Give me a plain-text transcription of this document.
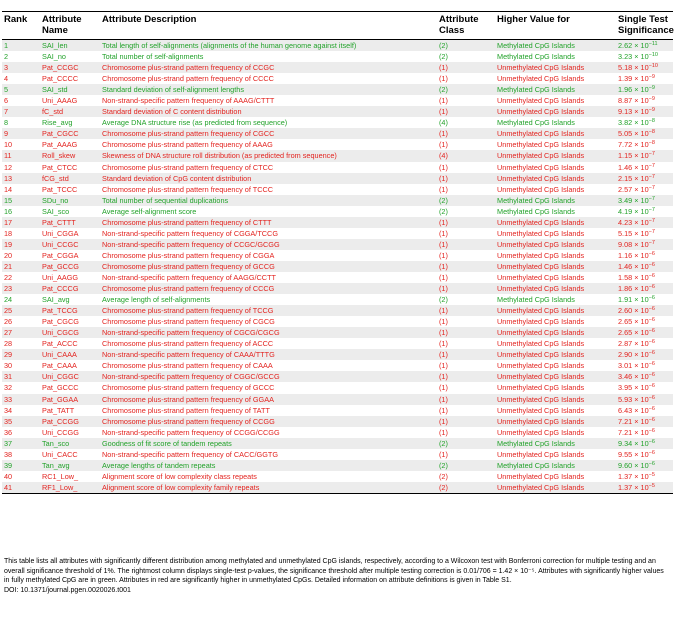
Rank	Attribute Name	Attribute Description	Attribute Class	Higher Value for	Single Test Significance
1	SAI_len	Total length of self-alignments (alignments of the human genome against itself)	(2)	Methylated CpG Islands	$2.62 \times 10^{-11}$
2	SAI_no	Total number of self-alignments	(2)	Methylated CpG Islands	$3.23 \times 10^{-10}$
3	Pat_CCGC	Chromosome plus-strand pattern frequency of CCGC	(1)	Unmethylated CpG Islands	$5.18 \times 10^{-10}$
4	Pat_CCCC	Chromosome plus-strand pattern frequency of CCCC	(1)	Unmethylated CpG Islands	$1.39 \times 10^{-9}$
5	SAI_std	Standard deviation of self-alignment lengths	(2)	Methylated CpG Islands	$1.96 \times 10^{-9}$
6	Uni_AAAG	Non-strand-specific pattern frequency of AAAG/CTTT	(1)	Unmethylated CpG Islands	$8.87 \times 10^{-9}$
7	fC_std	Standard deviation of C content distribution	(1)	Unmethylated CpG Islands	$9.13 \times 10^{-9}$
8	Rise_avg	Average DNA structure rise (as predicted from sequence)	(4)	Methylated CpG Islands	$3.82 \times 10^{-8}$
9	Pat_CGCC	Chromosome plus-strand pattern frequency of CGCC	(1)	Unmethylated CpG Islands	$5.05 \times 10^{-8}$
10	Pat_AAAG	Chromosome plus-strand pattern frequency of AAAG	(1)	Unmethylated CpG Islands	$7.72 \times 10^{-8}$
11	Roll_skew	Skewness of DNA structure roll distribution (as predicted from sequence)	(4)	Unmethylated CpG Islands	$1.15 \times 10^{-7}$
12	Pat_CTCC	Chromosome plus-strand pattern frequency of CTCC	(1)	Unmethylated CpG Islands	$1.46 \times 10^{-7}$
13	fCG_std	Standard deviation of CpG content distribution	(1)	Unmethylated CpG Islands	$2.15 \times 10^{-7}$
14	Pat_TCCC	Chromosome plus-strand pattern frequency of TCCC	(1)	Unmethylated CpG Islands	$2.57 \times 10^{-7}$
15	SDu_no	Total number of sequential duplications	(2)	Methylated CpG Islands	$3.49 \times 10^{-7}$
16	SAI_sco	Average self-alignment score	(2)	Methylated CpG Islands	$4.19 \times 10^{-7}$
17	Pat_CTTT	Chromosome plus-strand pattern frequency of CTTT	(1)	Unmethylated CpG Islands	$4.23 \times 10^{-7}$
18	Uni_CGGA	Non-strand-specific pattern frequency of CGGA/TCCG	(1)	Unmethylated CpG Islands	$5.15 \times 10^{-7}$
19	Uni_CCGC	Non-strand-specific pattern frequency of CCGC/GCGG	(1)	Unmethylated CpG Islands	$9.08 \times 10^{-7}$
20	Pat_CGGA	Chromosome plus-strand pattern frequency of CGGA	(1)	Unmethylated CpG Islands	$1.16 \times 10^{-6}$
21	Pat_GCCG	Chromosome plus-strand pattern frequency of GCCG	(1)	Unmethylated CpG Islands	$1.46 \times 10^{-6}$
22	Uni_AAGG	Non-strand-specific pattern frequency of AAGG/CCTT	(1)	Unmethylated CpG Islands	$1.58 \times 10^{-6}$
23	Pat_CCCG	Chromosome plus-strand pattern frequency of CCCG	(1)	Unmethylated CpG Islands	$1.86 \times 10^{-6}$
24	SAI_avg	Average length of self-alignments	(2)	Methylated CpG Islands	$1.91 \times 10^{-6}$
25	Pat_TCCG	Chromosome plus-strand pattern frequency of TCCG	(1)	Unmethylated CpG Islands	$2.60 \times 10^{-6}$
26	Pat_CGCG	Chromosome plus-strand pattern frequency of CGCG	(1)	Unmethylated CpG Islands	$2.65 \times 10^{-6}$
27	Uni_CGCG	Non-strand-specific pattern frequency of CGCG/CGCG	(1)	Unmethylated CpG Islands	$2.65 \times 10^{-6}$
28	Pat_ACCC	Chromosome plus-strand pattern frequency of ACCC	(1)	Unmethylated CpG Islands	$2.87 \times 10^{-6}$
29	Uni_CAAA	Non-strand-specific pattern frequency of CAAA/TTTG	(1)	Unmethylated CpG Islands	$2.90 \times 10^{-6}$
30	Pat_CAAA	Chromosome plus-strand pattern frequency of CAAA	(1)	Unmethylated CpG Islands	$3.01 \times 10^{-6}$
31	Uni_CGGC	Non-strand-specific pattern frequency of CGGC/GCCG	(1)	Unmethylated CpG Islands	$3.46 \times 10^{-6}$
32	Pat_GCCC	Chromosome plus-strand pattern frequency of GCCC	(1)	Unmethylated CpG Islands	$3.95 \times 10^{-6}$
33	Pat_GGAA	Chromosome plus-strand pattern frequency of GGAA	(1)	Unmethylated CpG Islands	$5.93 \times 10^{-6}$
34	Pat_TATT	Chromosome plus-strand pattern frequency of TATT	(1)	Unmethylated CpG Islands	$6.43 \times 10^{-6}$
35	Pat_CCGG	Chromosome plus-strand pattern frequency of CCGG	(1)	Unmethylated CpG Islands	$7.21 \times 10^{-6}$
36	Uni_CCGG	Non-strand-specific pattern frequency of CCGG/CCGG	(1)	Unmethylated CpG Islands	$7.21 \times 10^{-6}$
37	Tan_sco	Goodness of fit score of tandem repeats	(2)	Methylated CpG Islands	$9.34 \times 10^{-6}$
38	Uni_CACC	Non-strand-specific pattern frequency of CACC/GGTG	(1)	Unmethylated CpG Islands	$9.55 \times 10^{-6}$
39	Tan_avg	Average lengths of tandem repeats	(2)	Methylated CpG Islands	$9.60 \times 10^{-6}$
40	RC1_Low_	Alignment score of low complexity class repeats	(2)	Unmethylated CpG Islands	$1.37 \times 10^{-5}$
41	RF1_Low_	Alignment score of low complexity family repeats	(2)	Unmethylated CpG Islands	$1.37 \times 10^{-5}$
This table lists all attributes with significantly different distribution among methylated and unmethylated CpG islands, respectively, according to a Wilcoxon test with Bonferroni correction for multiple testing and an overall significance threshold of 1%. The rightmost column displays single-test p-values, the significance threshold after multiple testing correction is 0.01/706 = 1.42 × 10⁻⁵. Attributes with significantly higher values in fully methylated CpG are in green. Attributes in red are significantly higher in unmethylated CpGs. Detailed information on attribute definitions is given in Table S1.
DOI: 10.1371/journal.pgen.0020026.t001
